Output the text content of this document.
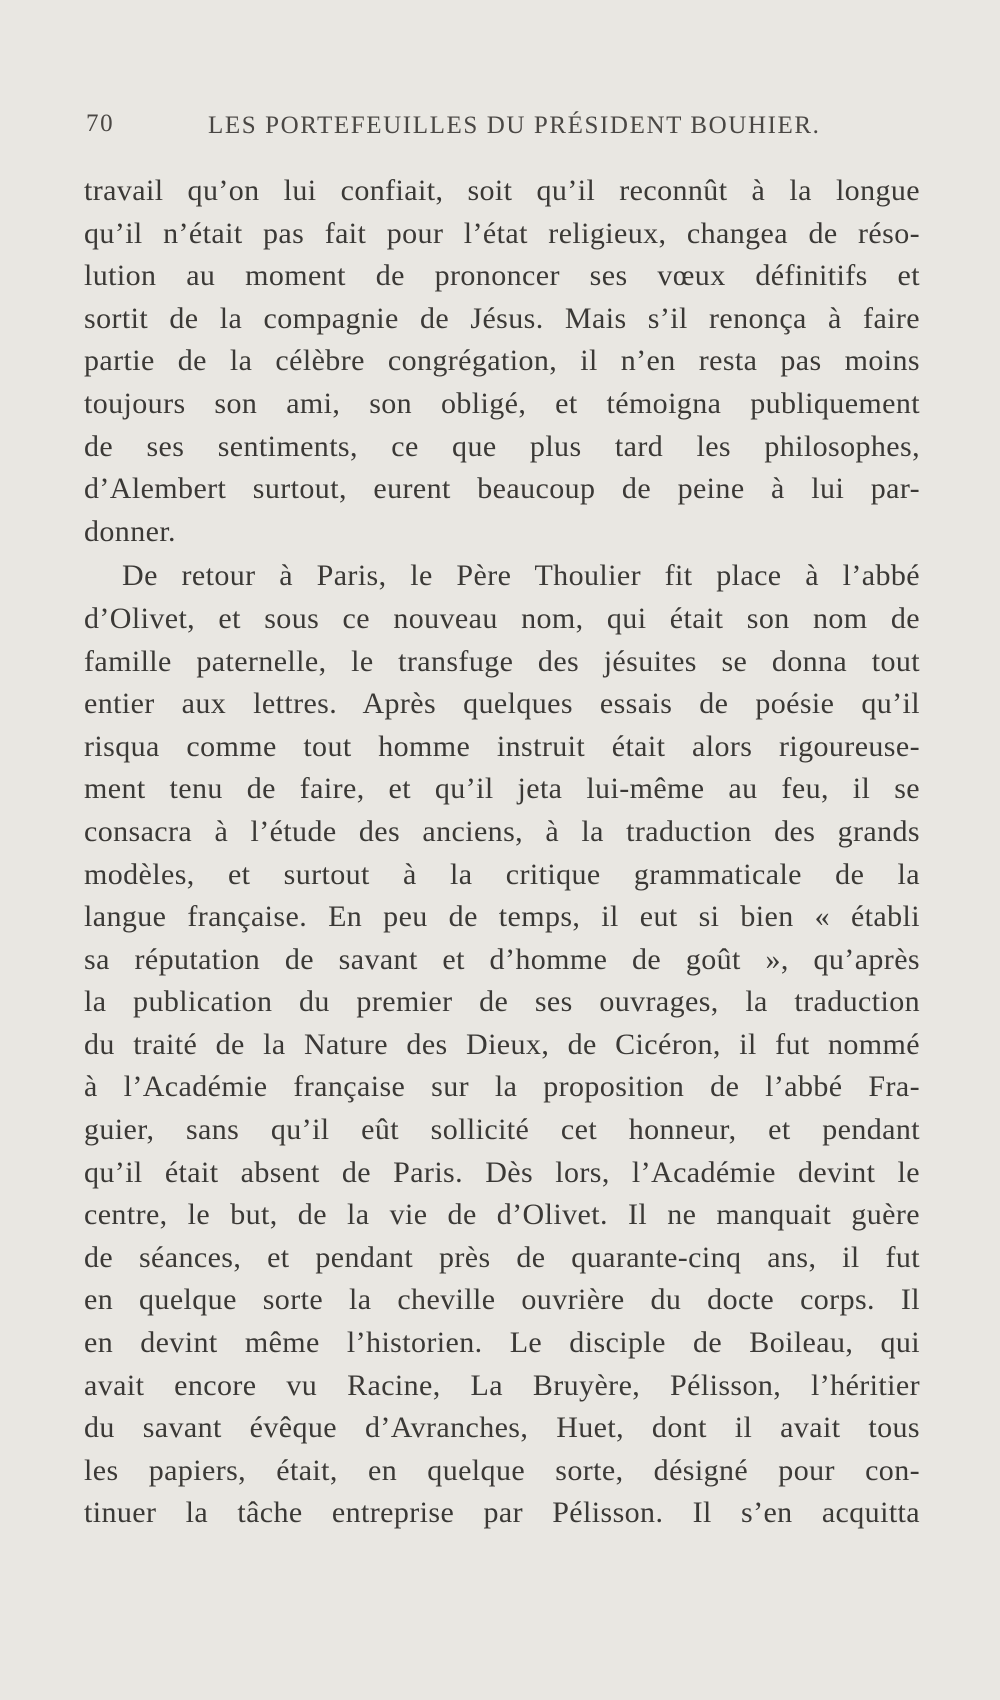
70	LES PORTEFEUILLES DU PRÉSIDENT BOUHIER.
travail qu’on lui confiait, soit qu’il reconnût à la longue
qu’il n’était pas fait pour l’état religieux, changea de réso-
lution au moment de prononcer ses vœux définitifs et
sortit de la compagnie de Jésus. Mais s’il renonça à faire
partie de la célèbre congrégation, il n’en resta pas moins
toujours son ami, son obligé, et témoigna publiquement
de ses sentiments, ce que plus tard les philosophes,
d’Alembert surtout, eurent beaucoup de peine à lui par-
donner.
De retour à Paris, le Père Thoulier fit place à l’abbé
d’Olivet, et sous ce nouveau nom, qui était son nom de
famille paternelle, le transfuge des jésuites se donna tout
entier aux lettres. Après quelques essais de poésie qu’il
risqua comme tout homme instruit était alors rigoureuse-
ment tenu de faire, et qu’il jeta lui-même au feu, il se
consacra à l’étude des anciens, à la traduction des grands
modèles, et surtout à la critique grammaticale de la
langue française. En peu de temps, il eut si bien « établi
sa réputation de savant et d’homme de goût », qu’après
la publication du premier de ses ouvrages, la traduction
du traité de la Nature des Dieux, de Cicéron, il fut nommé
à l’Académie française sur la proposition de l’abbé Fra-
guier, sans qu’il eût sollicité cet honneur, et pendant
qu’il était absent de Paris. Dès lors, l’Académie devint le
centre, le but, de la vie de d’Olivet. Il ne manquait guère
de séances, et pendant près de quarante-cinq ans, il fut
en quelque sorte la cheville ouvrière du docte corps. Il
en devint même l’historien. Le disciple de Boileau, qui
avait encore vu Racine, La Bruyère, Pélisson, l’héritier
du savant évêque d’Avranches, Huet, dont il avait tous
les papiers, était, en quelque sorte, désigné pour con-
tinuer la tâche entreprise par Pélisson. Il s’en acquitta
